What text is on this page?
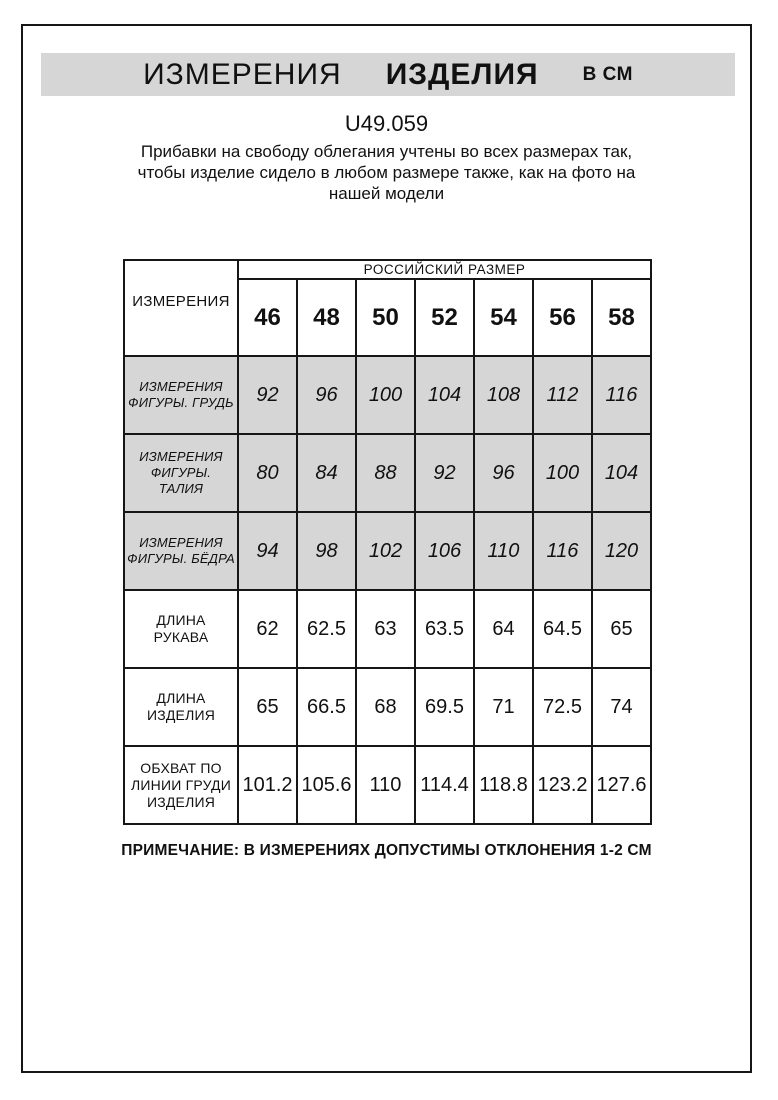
ИЗМЕРЕНИЯ ИЗДЕЛИЯ В СМ
U49.059
Прибавки на свободу облегания учтены во всех размерах так,
чтобы изделие сидело в любом размере также, как на фото на
нашей модели
ИЗМЕРЕНИЯ	РОССИЙСКИЙ РАЗМЕР						
	46	48	50	52	54	56	58
ИЗМЕРЕНИЯ ФИГУРЫ. ГРУДЬ	92	96	100	104	108	112	116
ИЗМЕРЕНИЯ ФИГУРЫ. ТАЛИЯ	80	84	88	92	96	100	104
ИЗМЕРЕНИЯ ФИГУРЫ. БЁДРА	94	98	102	106	110	116	120
ДЛИНА РУКАВА	62	62.5	63	63.5	64	64.5	65
ДЛИНА ИЗДЕЛИЯ	65	66.5	68	69.5	71	72.5	74
ОБХВАТ ПО ЛИНИИ ГРУДИ ИЗДЕЛИЯ	101.2	105.6	110	114.4	118.8	123.2	127.6
ПРИМЕЧАНИЕ: В ИЗМЕРЕНИЯХ ДОПУСТИМЫ ОТКЛОНЕНИЯ 1-2 СМ
